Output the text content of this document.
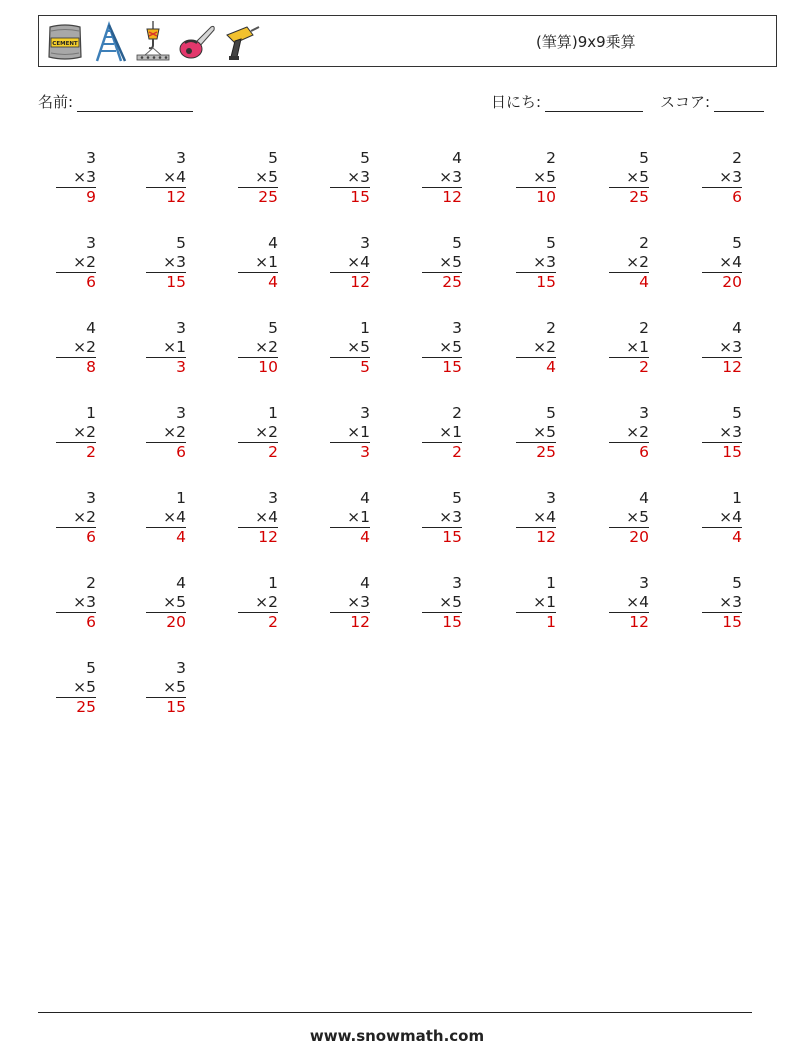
CEMENT	(筆算)9x9乗算
名前:	日にち:	スコア:
3
×3
9
3
×4
12
5
×5
25
5
×3
15
4
×3
12
2
×5
10
5
×5
25
2
×3
6
3
×2
6
5
×3
15
4
×1
4
3
×4
12
5
×5
25
5
×3
15
2
×2
4
5
×4
20
4
×2
8
3
×1
3
5
×2
10
1
×5
5
3
×5
15
2
×2
4
2
×1
2
4
×3
12
1
×2
2
3
×2
6
1
×2
2
3
×1
3
2
×1
2
5
×5
25
3
×2
6
5
×3
15
3
×2
6
1
×4
4
3
×4
12
4
×1
4
5
×3
15
3
×4
12
4
×5
20
1
×4
4
2
×3
6
4
×5
20
1
×2
2
4
×3
12
3
×5
15
1
×1
1
3
×4
12
5
×3
15
5
×5
25
3
×5
15
www.snowmath.com
